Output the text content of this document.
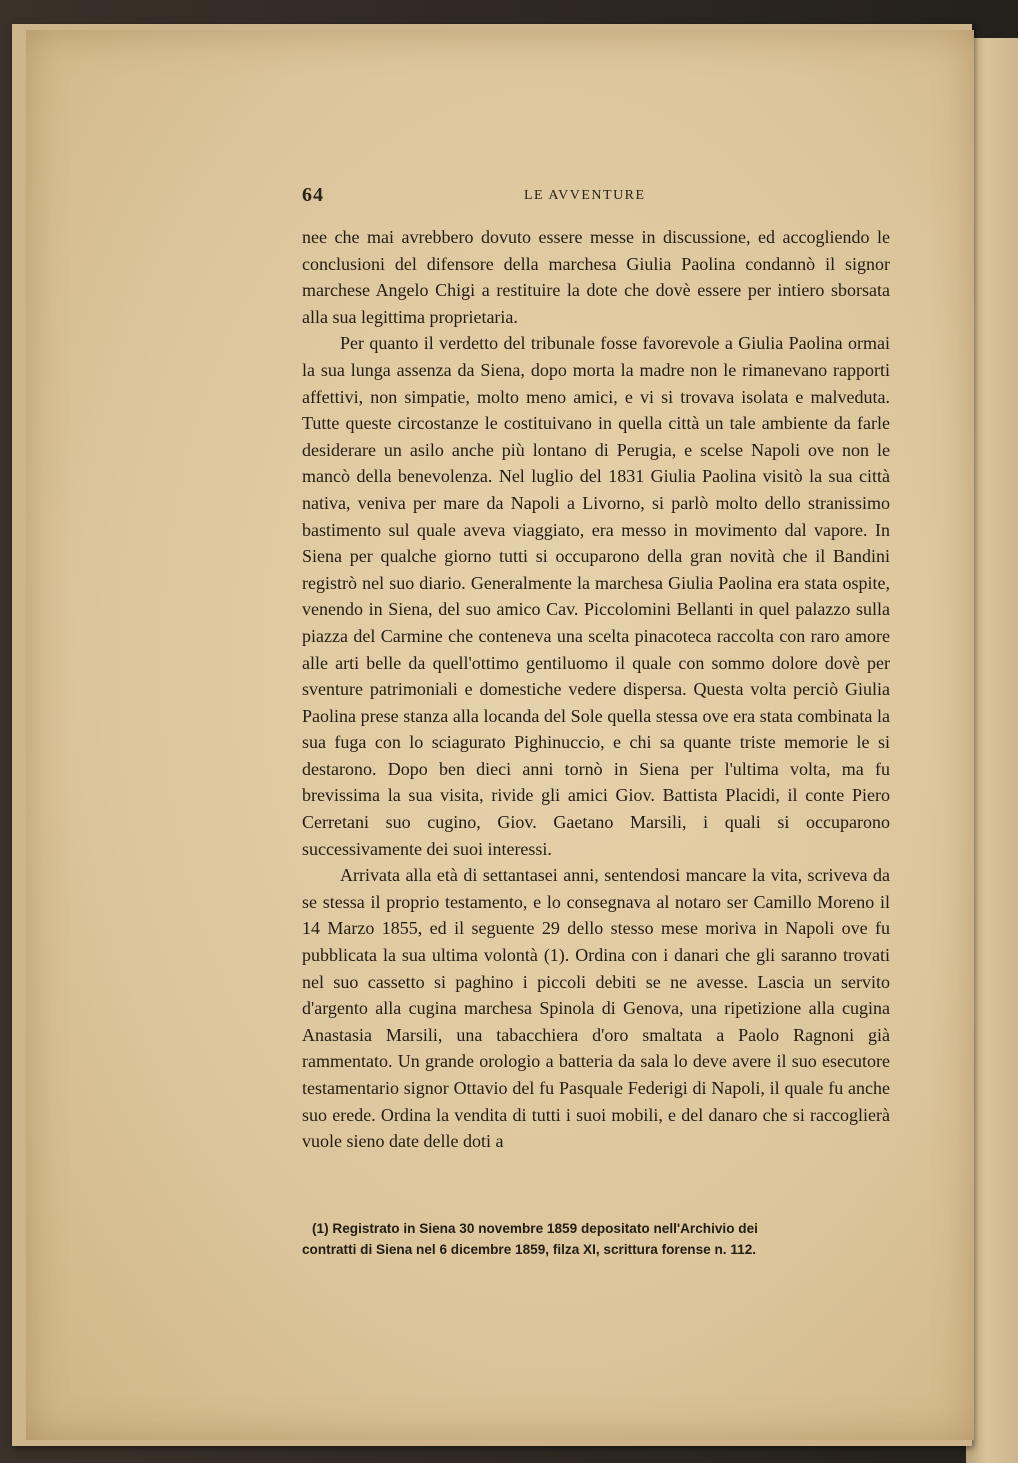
64	LE AVVENTURE

nee che mai avrebbero dovuto essere messe in discussione, ed accogliendo le conclusioni del difensore della marchesa Giulia Paolina condannò il signor marchese Angelo Chigi a restituire la dote che dovè essere per intiero sborsata alla sua legittima proprietaria.

Per quanto il verdetto del tribunale fosse favorevole a Giulia Paolina ormai la sua lunga assenza da Siena, dopo morta la madre non le rimanevano rapporti affettivi, non simpatie, molto meno amici, e vi si trovava isolata e malveduta. Tutte queste circostanze le costituivano in quella città un tale ambiente da farle desiderare un asilo anche più lontano di Perugia, e scelse Napoli ove non le mancò della benevolenza. Nel luglio del 1831 Giulia Paolina visitò la sua città nativa, veniva per mare da Napoli a Livorno, si parlò molto dello stranissimo bastimento sul quale aveva viaggiato, era messo in movimento dal vapore. In Siena per qualche giorno tutti si occuparono della gran novità che il Bandini registrò nel suo diario. Generalmente la marchesa Giulia Paolina era stata ospite, venendo in Siena, del suo amico Cav. Piccolomini Bellanti in quel palazzo sulla piazza del Carmine che conteneva una scelta pinacoteca raccolta con raro amore alle arti belle da quell'ottimo gentiluomo il quale con sommo dolore dovè per sventure patrimoniali e domestiche vedere dispersa. Questa volta perciò Giulia Paolina prese stanza alla locanda del Sole quella stessa ove era stata combinata la sua fuga con lo sciagurato Pighinuccio, e chi sa quante triste memorie le si destarono. Dopo ben dieci anni tornò in Siena per l'ultima volta, ma fu brevissima la sua visita, rivide gli amici Giov. Battista Placidi, il conte Piero Cerretani suo cugino, Giov. Gaetano Marsili, i quali si occuparono successivamente dei suoi interessi.

Arrivata alla età di settantasei anni, sentendosi mancare la vita, scriveva da se stessa il proprio testamento, e lo consegnava al notaro ser Camillo Moreno il 14 Marzo 1855, ed il seguente 29 dello stesso mese moriva in Napoli ove fu pubblicata la sua ultima volontà (1). Ordina con i danari che gli saranno trovati nel suo cassetto si paghino i piccoli debiti se ne avesse. Lascia un servito d'argento alla cugina marchesa Spinola di Genova, una ripetizione alla cugina Anastasia Marsili, una tabacchiera d'oro smaltata a Paolo Ragnoni già rammentato. Un grande orologio a batteria da sala lo deve avere il suo esecutore testamentario signor Ottavio del fu Pasquale Federigi di Napoli, il quale fu anche suo erede. Ordina la vendita di tutti i suoi mobili, e del danaro che si raccoglierà vuole sieno date delle doti a

(1) Registrato in Siena 30 novembre 1859 depositato nell'Archivio dei

contratti di Siena nel 6 dicembre 1859, filza XI, scrittura forense n. 112.
